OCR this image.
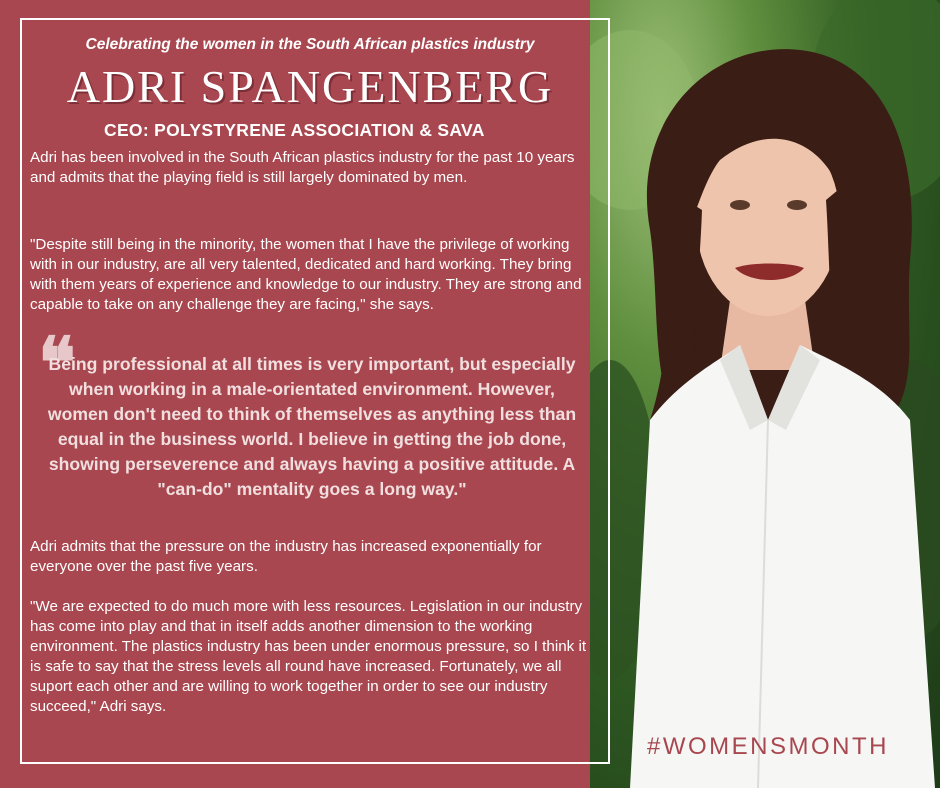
Celebrating the women in the South African plastics industry
ADRI SPANGENBERG
CEO: POLYSTYRENE ASSOCIATION & SAVA

Adri has been involved in the South African plastics industry for the past 10 years and admits that the playing field is still largely dominated by men.

"Despite still being in the minority, the women that I have the privilege of working with in our industry, are all very talented, dedicated and hard working. They bring with them years of experience and knowledge to our industry. They are strong and capable to take on any challenge they are facing," she says.

❝
Being professional at all times is very important, but especially when working in a male-orientated environment. However, women don't need to think of themselves as anything less than equal in the business world. I believe in getting the job done, showing perseverence and always having a positive attitude. A "can-do" mentality goes a long way."

Adri admits that the pressure on the industry has increased exponentially for everyone over the past five years.

"We are expected to do much more with less resources. Legislation in our industry has come into play and that in itself adds another dimension to the working environment. The plastics industry has been under enormous pressure, so I think it is safe to say that the stress levels all round have increased. Fortunately, we all suport each other and are willing to work together in order to see our industry succeed," Adri says.

#WOMENSMONTH
